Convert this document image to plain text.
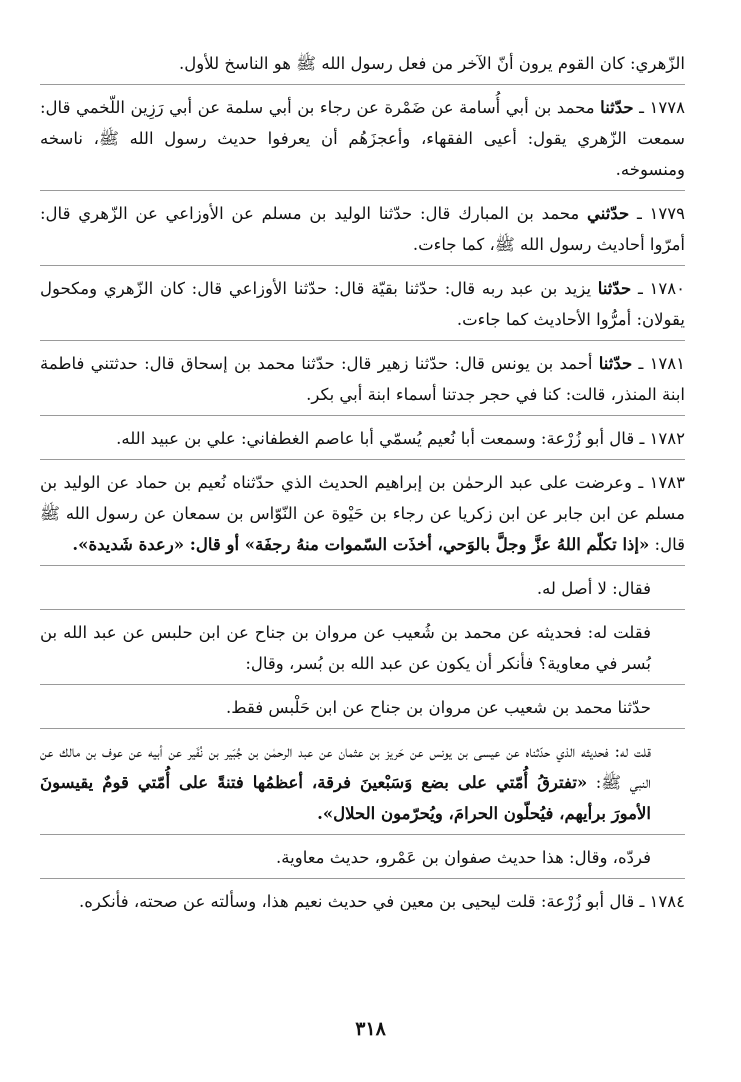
الزّهري: كان القوم يرون أنّ الآخر من فعل رسول الله ﷺ هو الناسخ للأول.

١٧٧٨ ـ حدّثنا محمد بن أبي أُسامة عن ضَمْرة عن رجاء بن أبي سلمة عن أبي رَزِين اللّخمي قال: سمعت الزّهري يقول: أعيى الفقهاء، وأعجزَهُم أن يعرفوا حديث رسول الله ﷺ، ناسخه ومنسوخه.

١٧٧٩ ـ حدّثني محمد بن المبارك قال: حدّثنا الوليد بن مسلم عن الأوزاعي عن الزّهري قال: أمرّوا أحاديث رسول الله ﷺ، كما جاءت.

١٧٨٠ ـ حدّثنا يزيد بن عبد ربه قال: حدّثنا بقيّة قال: حدّثنا الأوزاعي قال: كان الزّهري ومكحول يقولان: أمرُّوا الأحاديث كما جاءت.

١٧٨١ ـ حدّثنا أحمد بن يونس قال: حدّثنا زهير قال: حدّثنا محمد بن إسحاق قال: حدثتني فاطمة ابنة المنذر، قالت: كنا في حجر جدتنا أسماء ابنة أبي بكر.

١٧٨٢ ـ قال أبو زُرْعة: وسمعت أبا نُعيم يُسمّي أبا عاصم الغطفاني: علي بن عبيد الله.

١٧٨٣ ـ وعرضت على عبد الرحمٰن بن إبراهيم الحديث الذي حدّثناه نُعيم بن حماد عن الوليد بن مسلم عن ابن جابر عن ابن زكريا عن رجاء بن حَيْوة عن النّوّاس بن سمعان عن رسول الله ﷺ قال: «إذا تكلّم اللهُ عزَّ وجلَّ بالوَحي، أخذَت السّموات منهُ رجفَة» أو قال: «رعدة شَديدة».

فقال: لا أصل له.

فقلت له: فحديثه عن محمد بن شُعيب عن مروان بن جناح عن ابن حلبس عن عبد الله بن بُسر في معاوية؟ فأنكر أن يكون عن عبد الله بن بُسر، وقال:

حدّثنا محمد بن شعيب عن مروان بن جناح عن ابن حَلْبس فقط.

قلت له: فحديثه الذي حدّثناه عن عيسى بن يونس عن حَريز بن عثمان عن عبد الرحمٰن بن جُبَير بن نُفَير عن أبيه عن عوف بن مالك عن النبي ﷺ: «تفترقُ أُمّتي على بضع وَسَبْعينَ فرقة، أعظمُها فتنةً على أُمّتي قومٌ يقيسونَ الأمورَ برأيهم، فيُحلّون الحرامَ، ويُحرّمون الحلال».

فردّه، وقال: هذا حديث صفوان بن عَمْرو، حديث معاوية.

١٧٨٤ ـ قال أبو زُرْعة: قلت ليحيى بن معين في حديث نعيم هذا، وسألته عن صحته، فأنكره.

٣١٨
